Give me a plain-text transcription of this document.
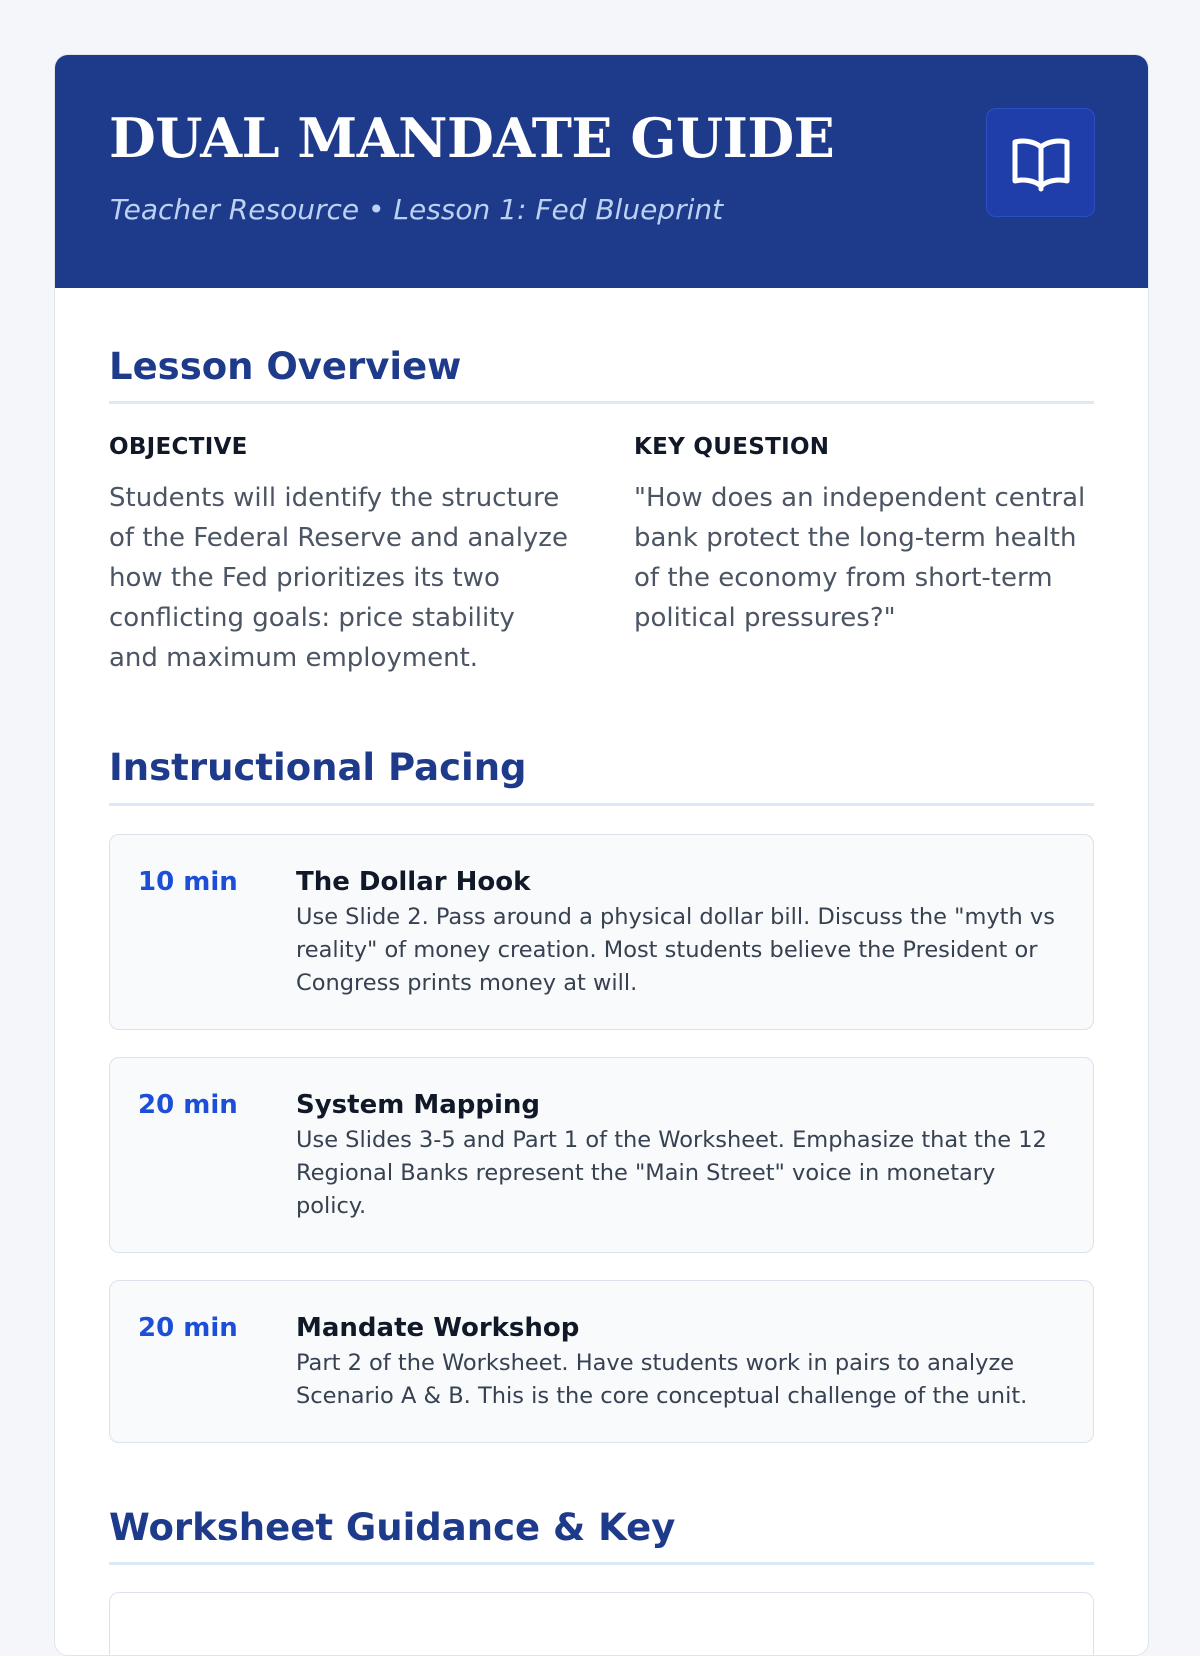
DUAL MANDATE GUIDE
Teacher Resource • Lesson 1: Fed Blueprint
Lesson Overview

OBJECTIVE

Students will identify the structure of the Federal Reserve and analyze how the Fed prioritizes its two conflicting goals: price stability and maximum employment.

KEY QUESTION

"How does an independent central bank protect the long-term health of the economy from short-term political pressures?"

Instructional Pacing
10 min	The Dollar Hook

Use Slide 2. Pass around a physical dollar bill. Discuss the "myth vs reality" of money creation. Most students believe the President or Congress prints money at will.

20 min	System Mapping

Use Slides 3-5 and Part 1 of the Worksheet. Emphasize that the 12 Regional Banks represent the "Main Street" voice in monetary policy.

20 min	Mandate Workshop

Part 2 of the Worksheet. Have students work in pairs to analyze Scenario A & B. This is the core conceptual challenge of the unit.

Worksheet Guidance & Key
